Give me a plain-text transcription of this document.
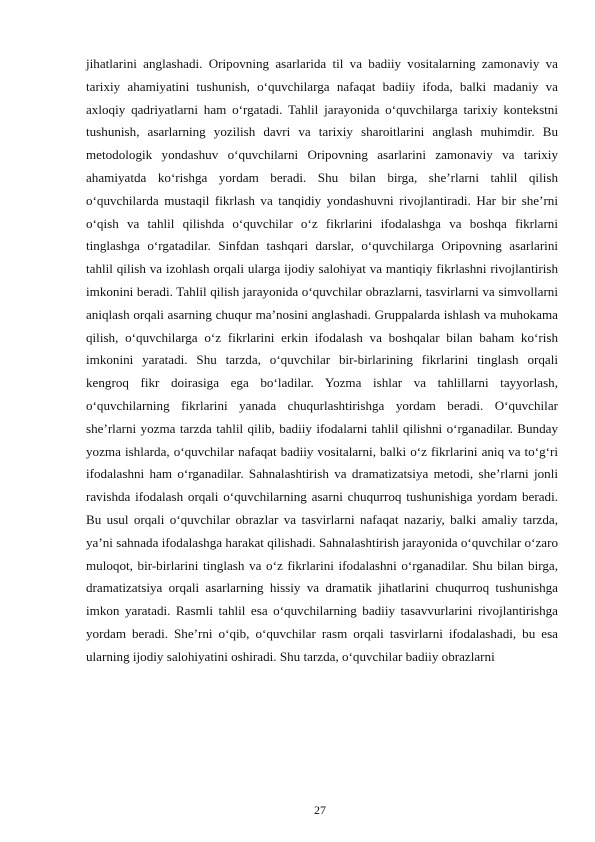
jihatlarini anglashadi. Oripovning asarlarida til va badiiy vositalarning zamonaviy va tarixiy ahamiyatini tushunish, o‘quvchilarga nafaqat badiiy ifoda, balki madaniy va axloqiy qadriyatlarni ham o‘rgatadi. Tahlil jarayonida o‘quvchilarga tarixiy kontekstni tushunish, asarlarning yozilish davri va tarixiy sharoitlarini anglash muhimdir. Bu metodologik yondashuv o‘quvchilarni Oripovning asarlarini zamonaviy va tarixiy ahamiyatda ko‘rishga yordam beradi. Shu bilan birga, she’rlarni tahlil qilish o‘quvchilarda mustaqil fikrlash va tanqidiy yondashuvni rivojlantiradi. Har bir she’rni o‘qish va tahlil qilishda o‘quvchilar o‘z fikrlarini ifodalashga va boshqa fikrlarni tinglashga o‘rgatadilar. Sinfdan tashqari darslar, o‘quvchilarga Oripovning asarlarini tahlil qilish va izohlash orqali ularga ijodiy salohiyat va mantiqiy fikrlashni rivojlantirish imkonini beradi. Tahlil qilish jarayonida o‘quvchilar obrazlarni, tasvirlarni va simvollarni aniqlash orqali asarning chuqur ma’nosini anglashadi. Gruppalarda ishlash va muhokama qilish, o‘quvchilarga o‘z fikrlarini erkin ifodalash va boshqalar bilan baham ko‘rish imkonini yaratadi. Shu tarzda, o‘quvchilar bir-birlarining fikrlarini tinglash orqali kengroq fikr doirasiga ega bo‘ladilar. Yozma ishlar va tahlillarni tayyorlash, o‘quvchilarning fikrlarini yanada chuqurlashtirishga yordam beradi. O‘quvchilar she’rlarni yozma tarzda tahlil qilib, badiiy ifodalarni tahlil qilishni o‘rganadilar. Bunday yozma ishlarda, o‘quvchilar nafaqat badiiy vositalarni, balki o‘z fikrlarini aniq va to‘g‘ri ifodalashni ham o‘rganadilar. Sahnalashtirish va dramatizatsiya metodi, she’rlarni jonli ravishda ifodalash orqali o‘quvchilarning asarni chuqurroq tushunishiga yordam beradi. Bu usul orqali o‘quvchilar obrazlar va tasvirlarni nafaqat nazariy, balki amaliy tarzda, ya’ni sahnada ifodalashga harakat qilishadi. Sahnalashtirish jarayonida o‘quvchilar o‘zaro muloqot, bir-birlarini tinglash va o‘z fikrlarini ifodalashni o‘rganadilar. Shu bilan birga, dramatizatsiya orqali asarlarning hissiy va dramatik jihatlarini chuqurroq tushunishga imkon yaratadi. Rasmli tahlil esa o‘quvchilarning badiiy tasavvurlarini rivojlantirishga yordam beradi. She’rni o‘qib, o‘quvchilar rasm orqali tasvirlarni ifodalashadi, bu esa ularning ijodiy salohiyatini oshiradi. Shu tarzda, o‘quvchilar badiiy obrazlarni

27
